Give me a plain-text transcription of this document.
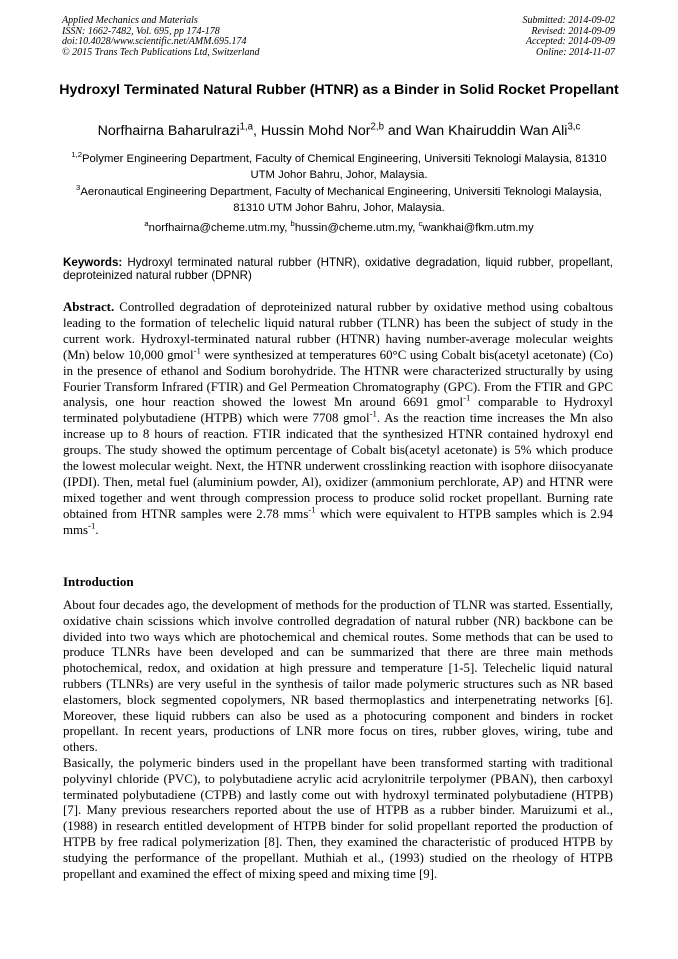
Applied Mechanics and Materials
ISSN: 1662-7482, Vol. 695, pp 174-178
doi:10.4028/www.scientific.net/AMM.695.174
© 2015 Trans Tech Publications Ltd, Switzerland
Submitted: 2014-09-02
Revised: 2014-09-09
Accepted: 2014-09-09
Online: 2014-11-07
Hydroxyl Terminated Natural Rubber (HTNR) as a Binder in Solid Rocket Propellant
Norfhairna Baharulrazi$^{1,a}$, Hussin Mohd Nor$^{2,b}$ and Wan Khairuddin Wan Ali$^{3,c}$
$^{1,2}$Polymer Engineering Department, Faculty of Chemical Engineering, Universiti Teknologi Malaysia, 81310 UTM Johor Bahru, Johor, Malaysia.
$^3$Aeronautical Engineering Department, Faculty of Mechanical Engineering, Universiti Teknologi Malaysia, 81310 UTM Johor Bahru, Johor, Malaysia.
$^a$norfhairna@cheme.utm.my, $^b$hussin@cheme.utm.my, $^c$wankhai@fkm.utm.my
Keywords: Hydroxyl terminated natural rubber (HTNR), oxidative degradation, liquid rubber, propellant, deproteinized natural rubber (DPNR)
Abstract. Controlled degradation of deproteinized natural rubber by oxidative method using cobaltous leading to the formation of telechelic liquid natural rubber (TLNR) has been the subject of study in the current work. Hydroxyl-terminated natural rubber (HTNR) having number-average molecular weights (Mn) below 10,000 gmol$^{-1}$ were synthesized at temperatures 60°C using Cobalt bis(acetyl acetonate) (Co) in the presence of ethanol and Sodium borohydride. The HTNR were characterized structurally by using Fourier Transform Infrared (FTIR) and Gel Permeation Chromatography (GPC). From the FTIR and GPC analysis, one hour reaction showed the lowest Mn around 6691 gmol$^{-1}$ comparable to Hydroxyl terminated polybutadiene (HTPB) which were 7708 gmol$^{-1}$. As the reaction time increases the Mn also increase up to 8 hours of reaction. FTIR indicated that the synthesized HTNR contained hydroxyl end groups. The study showed the optimum percentage of Cobalt bis(acetyl acetonate) is 5% which produce the lowest molecular weight. Next, the HTNR underwent crosslinking reaction with isophore diisocyanate (IPDI). Then, metal fuel (aluminium powder, Al), oxidizer (ammonium perchlorate, AP) and HTNR were mixed together and went through compression process to produce solid rocket propellant. Burning rate obtained from HTNR samples were 2.78 mms$^{-1}$ which were equivalent to HTPB samples which is 2.94 mms$^{-1}$.
Introduction

About four decades ago, the development of methods for the production of TLNR was started. Essentially, oxidative chain scissions which involve controlled degradation of natural rubber (NR) backbone can be divided into two ways which are photochemical and chemical routes. Some methods that can be used to produce TLNRs have been developed and can be summarized that there are three main methods photochemical, redox, and oxidation at high pressure and temperature [1-5]. Telechelic liquid natural rubbers (TLNRs) are very useful in the synthesis of tailor made polymeric structures such as NR based elastomers, block segmented copolymers, NR based thermoplastics and interpenetrating networks [6]. Moreover, these liquid rubbers can also be used as a photocuring component and binders in rocket propellant. In recent years, productions of LNR more focus on tires, rubber gloves, wiring, tube and others.

Basically, the polymeric binders used in the propellant have been transformed starting with traditional polyvinyl chloride (PVC), to polybutadiene acrylic acid acrylonitrile terpolymer (PBAN), then carboxyl terminated polybutadiene (CTPB) and lastly come out with hydroxyl terminated polybutadiene (HTPB)[7]. Many previous researchers reported about the use of HTPB as a rubber binder. Maruizumi et al., (1988) in research entitled development of HTPB binder for solid propellant reported the production of HTPB by free radical polymerization [8]. Then, they examined the characteristic of produced HTPB by studying the performance of the propellant. Muthiah et al., (1993) studied on the rheology of HTPB propellant and examined the effect of mixing speed and mixing time [9].
